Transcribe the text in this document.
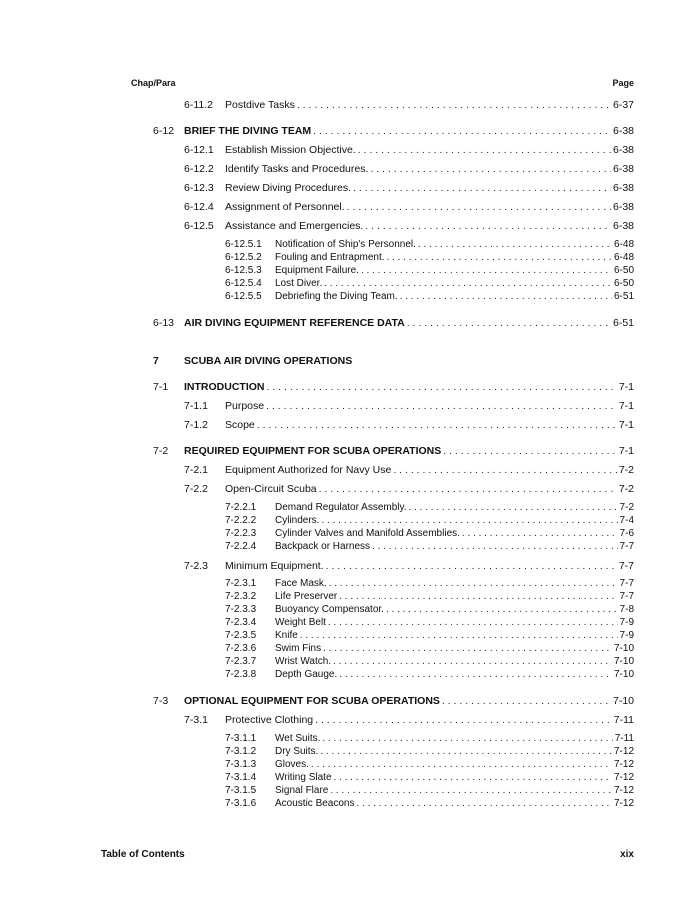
Chap/Para	Page
6-11.2 Postdive Tasks . . .	6-37
6-12 BRIEF THE DIVING TEAM . . .	6-38
6-12.1 Establish Mission Objective. . . .	6-38
6-12.2 Identify Tasks and Procedures. . . .	6-38
6-12.3 Review Diving Procedures. . . .	6-38
6-12.4 Assignment of Personnel. . . .	6-38
6-12.5 Assistance and Emergencies. . . .	6-38
6-12.5.1 Notification of Ship's Personnel. . . .	6-48
6-12.5.2 Fouling and Entrapment. . . .	6-48
6-12.5.3 Equipment Failure. . . .	6-50
6-12.5.4 Lost Diver. . . .	6-50
6-12.5.5 Debriefing the Diving Team. . . .	6-51
6-13 AIR DIVING EQUIPMENT REFERENCE DATA . . .	6-51
7 SCUBA AIR DIVING OPERATIONS
7-1 INTRODUCTION . . .	7-1
7-1.1 Purpose . . .	7-1
7-1.2 Scope . . .	7-1
7-2 REQUIRED EQUIPMENT FOR SCUBA OPERATIONS . . .	7-1
7-2.1 Equipment Authorized for Navy Use . . .	7-2
7-2.2 Open-Circuit Scuba . . .	7-2
7-2.2.1 Demand Regulator Assembly. . . .	7-2
7-2.2.2 Cylinders. . . .	7-4
7-2.2.3 Cylinder Valves and Manifold Assemblies. . . .	7-6
7-2.2.4 Backpack or Harness . . .	7-7
7-2.3 Minimum Equipment. . . .	7-7
7-2.3.1 Face Mask. . . .	7-7
7-2.3.2 Life Preserver . . .	7-7
7-2.3.3 Buoyancy Compensator. . . .	7-8
7-2.3.4 Weight Belt . . .	7-9
7-2.3.5 Knife . . .	7-9
7-2.3.6 Swim Fins . . .	7-10
7-2.3.7 Wrist Watch. . . .	7-10
7-2.3.8 Depth Gauge. . . .	7-10
7-3 OPTIONAL EQUIPMENT FOR SCUBA OPERATIONS . . .	7-10
7-3.1 Protective Clothing . . .	7-11
7-3.1.1 Wet Suits. . . .	7-11
7-3.1.2 Dry Suits. . . .	7-12
7-3.1.3 Gloves. . . .	7-12
7-3.1.4 Writing Slate . . .	7-12
7-3.1.5 Signal Flare . . .	7-12
7-3.1.6 Acoustic Beacons . . .	7-12
Table of Contents	xix
